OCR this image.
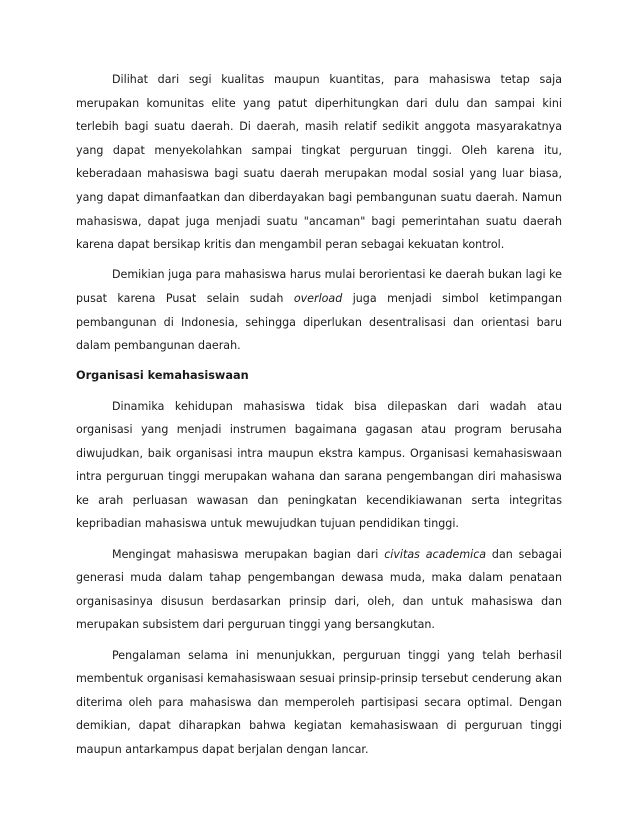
Dilihat dari segi kualitas maupun kuantitas, para mahasiswa tetap saja merupakan komunitas elite yang patut diperhitungkan dari dulu dan sampai kini terlebih bagi suatu daerah. Di daerah, masih relatif sedikit anggota masyarakatnya yang dapat menyekolahkan sampai tingkat perguruan tinggi. Oleh karena itu, keberadaan mahasiswa bagi suatu daerah merupakan modal sosial yang luar biasa, yang dapat dimanfaatkan dan diberdayakan bagi pembangunan suatu daerah. Namun mahasiswa, dapat juga menjadi suatu "ancaman" bagi pemerintahan suatu daerah karena dapat bersikap kritis dan mengambil peran sebagai kekuatan kontrol.

Demikian juga para mahasiswa harus mulai berorientasi ke daerah bukan lagi ke pusat karena Pusat selain sudah overload juga menjadi simbol ketimpangan pembangunan di Indonesia, sehingga diperlukan desentralisasi dan orientasi baru dalam pembangunan daerah.

Organisasi kemahasiswaan

Dinamika kehidupan mahasiswa tidak bisa dilepaskan dari wadah atau organisasi yang menjadi instrumen bagaimana gagasan atau program berusaha diwujudkan, baik organisasi intra maupun ekstra kampus. Organisasi kemahasiswaan intra perguruan tinggi merupakan wahana dan sarana pengembangan diri mahasiswa ke arah perluasan wawasan dan peningkatan kecendikiawanan serta integritas kepribadian mahasiswa untuk mewujudkan tujuan pendidikan tinggi.

Mengingat mahasiswa merupakan bagian dari civitas academica dan sebagai generasi muda dalam tahap pengembangan dewasa muda, maka dalam penataan organisasinya disusun berdasarkan prinsip dari, oleh, dan untuk mahasiswa dan merupakan subsistem dari perguruan tinggi yang bersangkutan.

Pengalaman selama ini menunjukkan, perguruan tinggi yang telah berhasil membentuk organisasi kemahasiswaan sesuai prinsip-prinsip tersebut cenderung akan diterima oleh para mahasiswa dan memperoleh partisipasi secara optimal. Dengan demikian, dapat diharapkan bahwa kegiatan kemahasiswaan di perguruan tinggi maupun antarkampus dapat berjalan dengan lancar.
